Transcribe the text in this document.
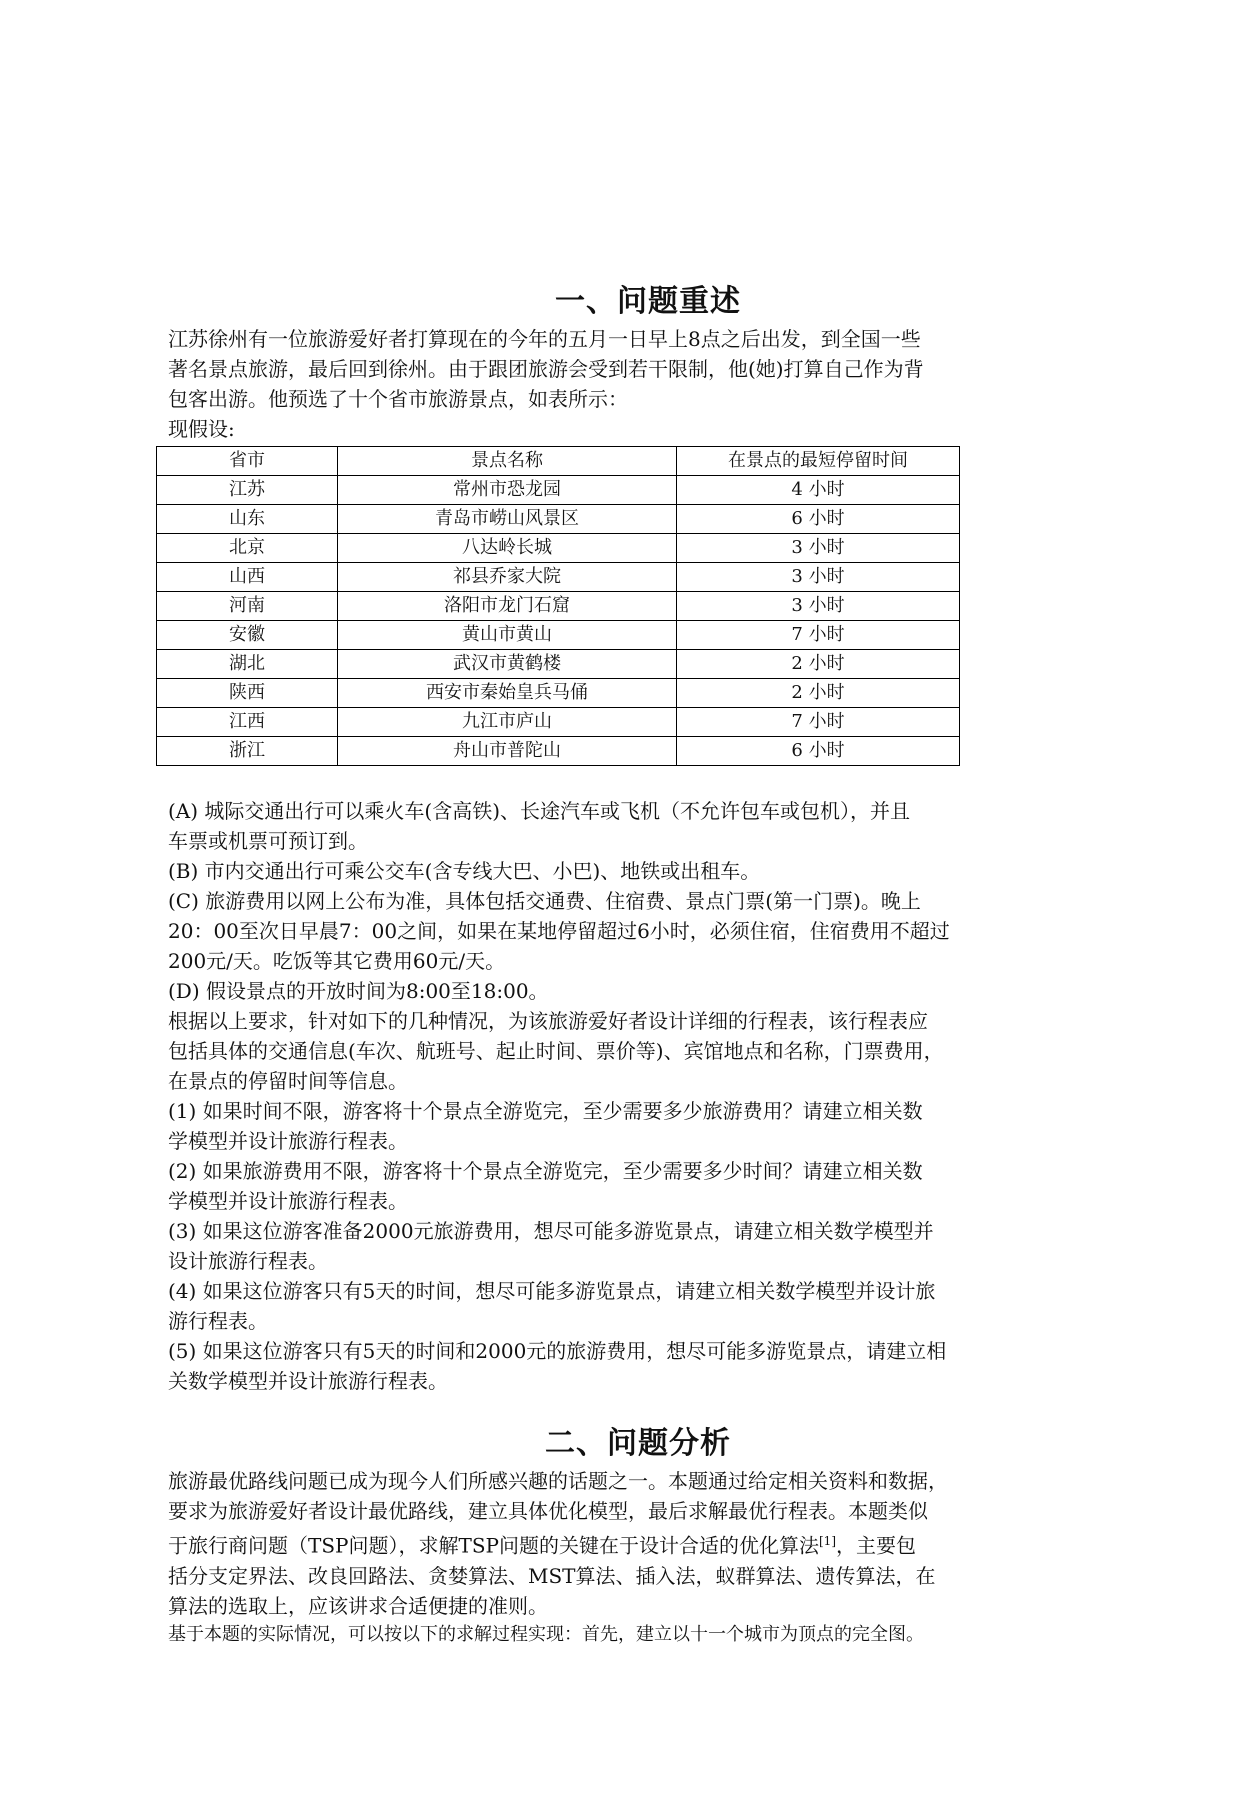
一、问题重述

江苏徐州有一位旅游爱好者打算现在的今年的五月一日早上8点之后出发，到全国一些

著名景点旅游，最后回到徐州。由于跟团旅游会受到若干限制，他(她)打算自己作为背

包客出游。他预选了十个省市旅游景点，如表所示：

现假设:

省市	景点名称	在景点的最短停留时间
江苏	常州市恐龙园	4 小时
山东	青岛市崂山风景区	6 小时
北京	八达岭长城	3 小时
山西	祁县乔家大院	3 小时
河南	洛阳市龙门石窟	3 小时
安徽	黄山市黄山	7 小时
湖北	武汉市黄鹤楼	2 小时
陕西	西安市秦始皇兵马俑	2 小时
江西	九江市庐山	7 小时
浙江	舟山市普陀山	6 小时

(A) 城际交通出行可以乘火车(含高铁)、长途汽车或飞机（不允许包车或包机），并且

车票或机票可预订到。

(B) 市内交通出行可乘公交车(含专线大巴、小巴)、地铁或出租车。

(C) 旅游费用以网上公布为准，具体包括交通费、住宿费、景点门票(第一门票)。晚上

20：00至次日早晨7：00之间，如果在某地停留超过6小时，必须住宿，住宿费用不超过

200元/天。吃饭等其它费用60元/天。

(D) 假设景点的开放时间为8:00至18:00。

根据以上要求，针对如下的几种情况，为该旅游爱好者设计详细的行程表，该行程表应

包括具体的交通信息(车次、航班号、起止时间、票价等)、宾馆地点和名称，门票费用，

在景点的停留时间等信息。

(1) 如果时间不限，游客将十个景点全游览完，至少需要多少旅游费用？请建立相关数

学模型并设计旅游行程表。

(2) 如果旅游费用不限，游客将十个景点全游览完，至少需要多少时间？请建立相关数

学模型并设计旅游行程表。

(3) 如果这位游客准备2000元旅游费用，想尽可能多游览景点，请建立相关数学模型并

设计旅游行程表。

(4) 如果这位游客只有5天的时间，想尽可能多游览景点，请建立相关数学模型并设计旅

游行程表。

(5) 如果这位游客只有5天的时间和2000元的旅游费用，想尽可能多游览景点，请建立相

关数学模型并设计旅游行程表。

二、问题分析

旅游最优路线问题已成为现今人们所感兴趣的话题之一。本题通过给定相关资料和数据，

要求为旅游爱好者设计最优路线，建立具体优化模型，最后求解最优行程表。本题类似

于旅行商问题（TSP问题），求解TSP问题的关键在于设计合适的优化算法[1]，主要包

括分支定界法、改良回路法、贪婪算法、MST算法、插入法，蚁群算法、遗传算法，在

算法的选取上，应该讲求合适便捷的准则。

基于本题的实际情况，可以按以下的求解过程实现：首先，建立以十一个城市为顶点的完全图。
